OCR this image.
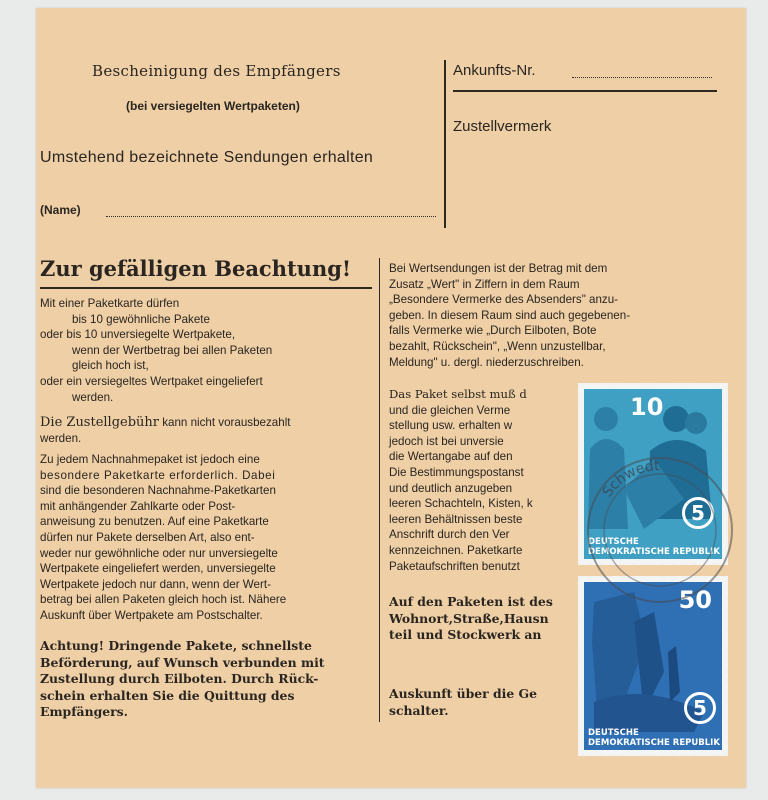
Bescheinigung des Empfängers
(bei versiegelten Wertpaketen)
Umstehend bezeichnete Sendungen erhalten
(Name)
Ankunfts-Nr.
Zustellvermerk
Zur gefälligen Beachtung!
Mit einer Paketkarte dürfen
bis 10 gewöhnliche Pakete
oder bis 10 unversiegelte Wertpakete,
wenn der Wertbetrag bei allen Paketen
gleich hoch ist,
oder ein versiegeltes Wertpaket eingeliefert
werden.
Die Zustellgebühr kann nicht vorausbezahlt
werden.
Zu jedem Nachnahmepaket ist jedoch eine
besondere Paketkarte erforderlich. Dabei
sind die besonderen Nachnahme-Paketkarten
mit anhängender Zahlkarte oder Post-
anweisung zu benutzen. Auf eine Paketkarte
dürfen nur Pakete derselben Art, also ent-
weder nur gewöhnliche oder nur unversiegelte
Wertpakete eingeliefert werden, unversiegelte
Wertpakete jedoch nur dann, wenn der Wert-
betrag bei allen Paketen gleich hoch ist. Nähere
Auskunft über Wertpakete am Postschalter.
Achtung! Dringende Pakete, schnellste
Beförderung, auf Wunsch verbunden mit
Zustellung durch Eilboten. Durch Rück-
schein erhalten Sie die Quittung des
Empfängers.
Bei Wertsendungen ist der Betrag mit dem
Zusatz „Wert" in Ziffern in dem Raum
„Besondere Vermerke des Absenders" anzu-
geben. In diesem Raum sind auch gegebenen-
falls Vermerke wie „Durch Eilboten, Bote
bezahlt, Rückschein", „Wenn unzustellbar,
Meldung" u. dergl. niederzuschreiben.
Das Paket selbst muß d
und die gleichen Verme
stellung usw. erhalten w
jedoch ist bei unversie
die Wertangabe auf den
Die Bestimmungspostanst
und deutlich anzugeben
leeren Schachteln, Kisten, k
leeren Behältnissen beste
Anschrift durch den Ver
kennzeichnen. Paketkarte
Paketaufschriften benutzt
Auf den Paketen ist des
Wohnort,Straße,Hausn
teil und Stockwerk an
Auskunft über die Ge
schalter.
10
5
DEUTSCHE
DEMOKRATISCHE REPUBLIK
50
5
DEUTSCHE
DEMOKRATISCHE REPUBLIK
Schwedt
